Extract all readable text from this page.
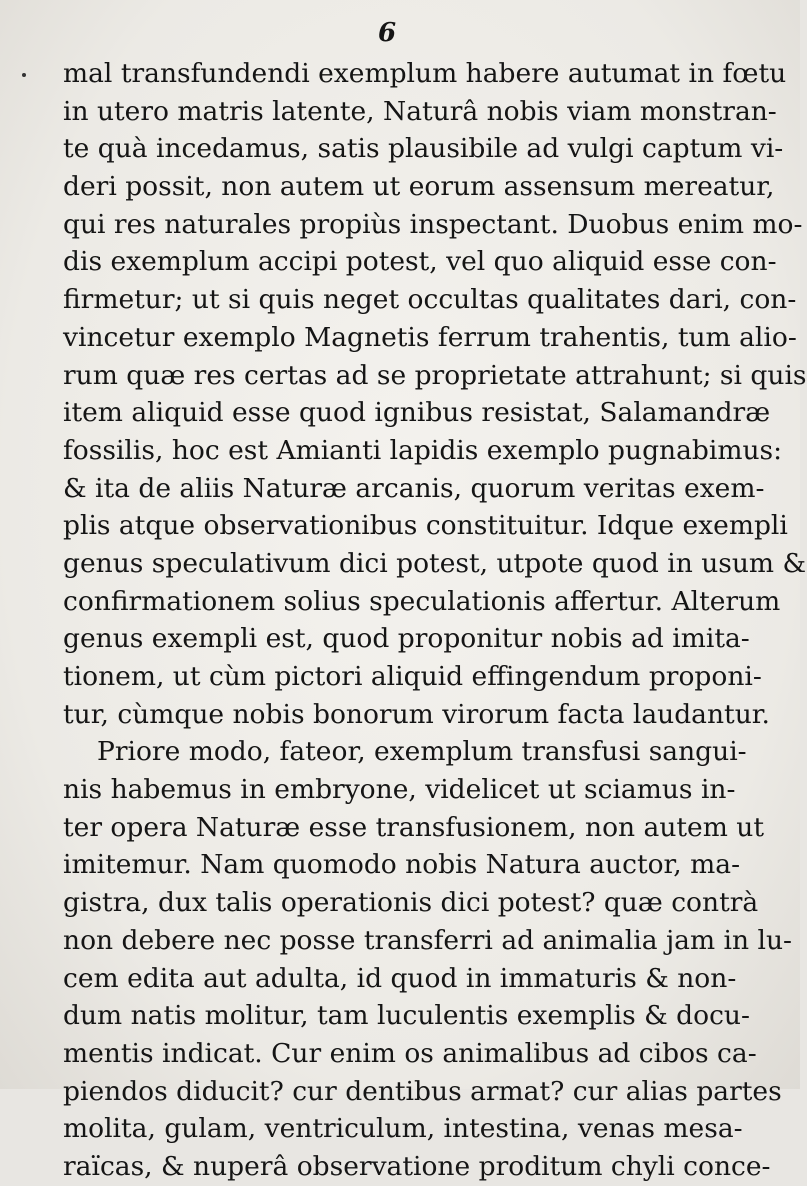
6
mal transfundendi exemplum habere autumat in fœtu
in utero matris latente, Naturâ nobis viam monstran-
te quà incedamus, satis plausibile ad vulgi captum vi-
deri possit, non autem ut eorum assensum mereatur,
qui res naturales propiùs inspectant. Duobus enim mo-
dis exemplum accipi potest, vel quo aliquid esse con-
firmetur; ut si quis neget occultas qualitates dari, con-
vincetur exemplo Magnetis ferrum trahentis, tum alio-
rum quæ res certas ad se proprietate attrahunt; si quis
item aliquid esse quod ignibus resistat, Salamandræ
fossilis, hoc est Amianti lapidis exemplo pugnabimus:
& ita de aliis Naturæ arcanis, quorum veritas exem-
plis atque observationibus constituitur. Idque exempli
genus speculativum dici potest, utpote quod in usum &
confirmationem solius speculationis affertur. Alterum
genus exempli est, quod proponitur nobis ad imita-
tionem, ut cùm pictori aliquid effingendum proponi-
tur, cùmque nobis bonorum virorum facta laudantur.
Priore modo, fateor, exemplum transfusi sangui-
nis habemus in embryone, videlicet ut sciamus in-
ter opera Naturæ esse transfusionem, non autem ut
imitemur. Nam quomodo nobis Natura auctor, ma-
gistra, dux talis operationis dici potest? quæ contrà
non debere nec posse transferri ad animalia jam in lu-
cem edita aut adulta, id quod in immaturis & non-
dum natis molitur, tam luculentis exemplis & docu-
mentis indicat. Cur enim os animalibus ad cibos ca-
piendos diducit? cur dentibus armat? cur alias partes
molita, gulam, ventriculum, intestina, venas mesa-
raïcas, & nuperâ observatione proditum chyli conce-
